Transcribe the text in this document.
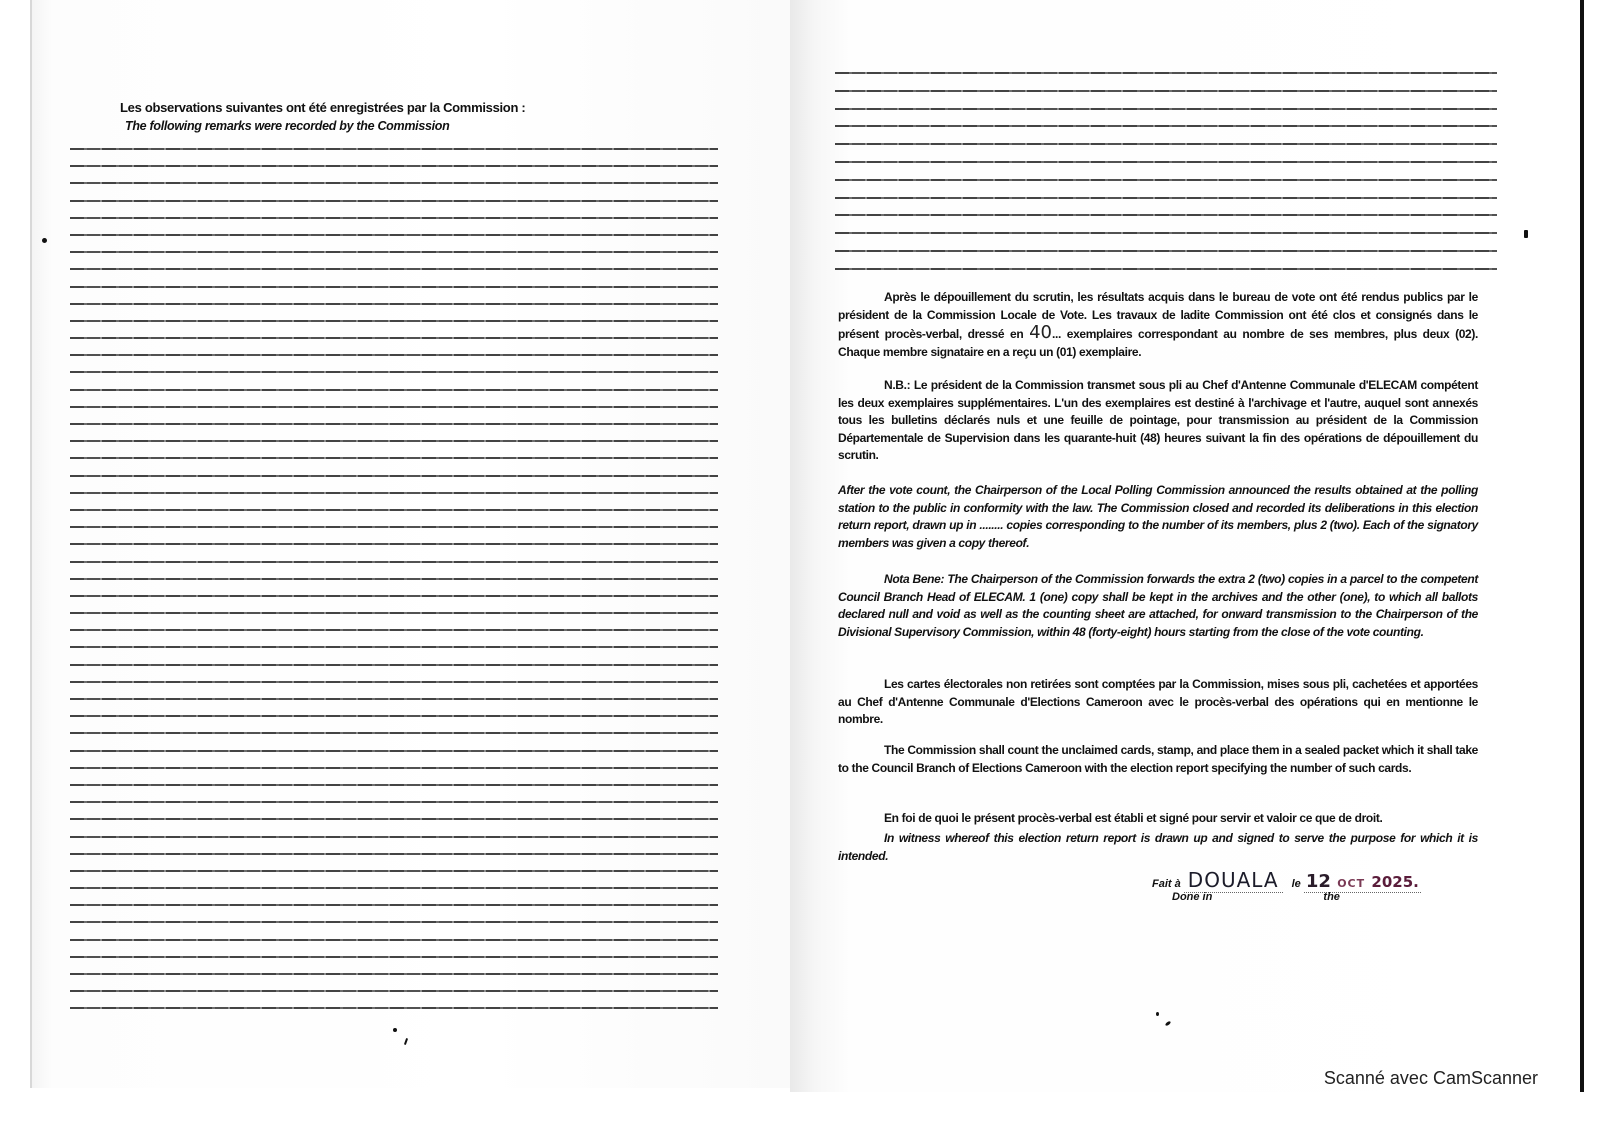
Les observations suivantes ont été enregistrées par la Commission :
The following remarks were recorded by the Commission
Après le dépouillement du scrutin, les résultats acquis dans le bureau de vote ont été rendus publics par le président de la Commission Locale de Vote. Les travaux de ladite Commission ont été clos et consignés dans le présent procès-verbal, dressé en 40... exemplaires correspondant au nombre de ses membres, plus deux (02). Chaque membre signataire en a reçu un (01) exemplaire.
N.B.: Le président de la Commission transmet sous pli au Chef d'Antenne Communale d'ELECAM compétent les deux exemplaires supplémentaires. L'un des exemplaires est destiné à l'archivage et l'autre, auquel sont annexés tous les bulletins déclarés nuls et une feuille de pointage, pour transmission au président de la Commission Départementale de Supervision dans les quarante-huit (48) heures suivant la fin des opérations de dépouillement du scrutin.
After the vote count, the Chairperson of the Local Polling Commission announced the results obtained at the polling station to the public in conformity with the law. The Commission closed and recorded its deliberations in this election return report, drawn up in ........ copies corresponding to the number of its members, plus 2 (two). Each of the signatory members was given a copy thereof.
Nota Bene: The Chairperson of the Commission forwards the extra 2 (two) copies in a parcel to the competent Council Branch Head of ELECAM. 1 (one) copy shall be kept in the archives and the other (one), to which all ballots declared null and void as well as the counting sheet are attached, for onward transmission to the Chairperson of the Divisional Supervisory Commission, within 48 (forty-eight) hours starting from the close of the vote counting.
Les cartes électorales non retirées sont comptées par la Commission, mises sous pli, cachetées et apportées au Chef d'Antenne Communale d'Elections Cameroon avec le procès-verbal des opérations qui en mentionne le nombre.
The Commission shall count the unclaimed cards, stamp, and place them in a sealed packet which it shall take to the Council Branch of Elections Cameroon with the election report specifying the number of such cards.
En foi de quoi le présent procès-verbal est établi et signé pour servir et valoir ce que de droit.
In witness whereof this election return report is drawn up and signed to serve the purpose for which it is intended.
Fait à DOUALA le 12 OCT 2025.
Done in	the
Scanné avec CamScanner
